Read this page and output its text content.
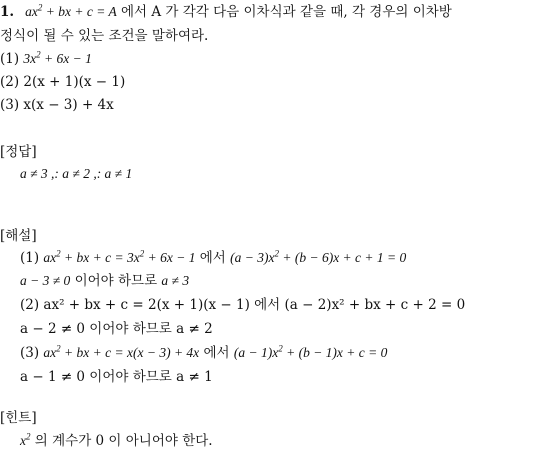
1.   $ax^2$ + bx + c = A 에서 A 가 각각 다음 이차식과 같을 때, 각 경우의 이차방
정식이 될 수 있는 조건을 말하여라.
(1) $3x^2 + 6x - 1$
(2) 2(x + 1)(x − 1)
(3) x(x − 3) + 4x
[정답]
a ≠ 3 ,: a ≠ 2 ,: a ≠ 1
[해설]
(1) $ax^2$ + bx + $c = 3x^2 + 6x - 1$ 에서 $(a - 3)x^2 + (b - 6)x + c + 1 = 0$
a − 3 ≠ 0 이어야 하므로 a ≠ 3
(2) ax² + bx + c = 2(x + 1)(x − 1) 에서 (a − 2)x² + bx + c + 2 = 0
a − 2 ≠ 0 이어야 하므로 a ≠ 2
(3) $ax^2$ + bx + c = x(x − 3) + 4x 에서 $(a - 1)x^2 + (b - 1)x + c = 0$
a − 1 ≠ 0 이어야 하므로 a ≠ 1
[힌트]
$x^2$ 의 계수가 0 이 아니어야 한다.
